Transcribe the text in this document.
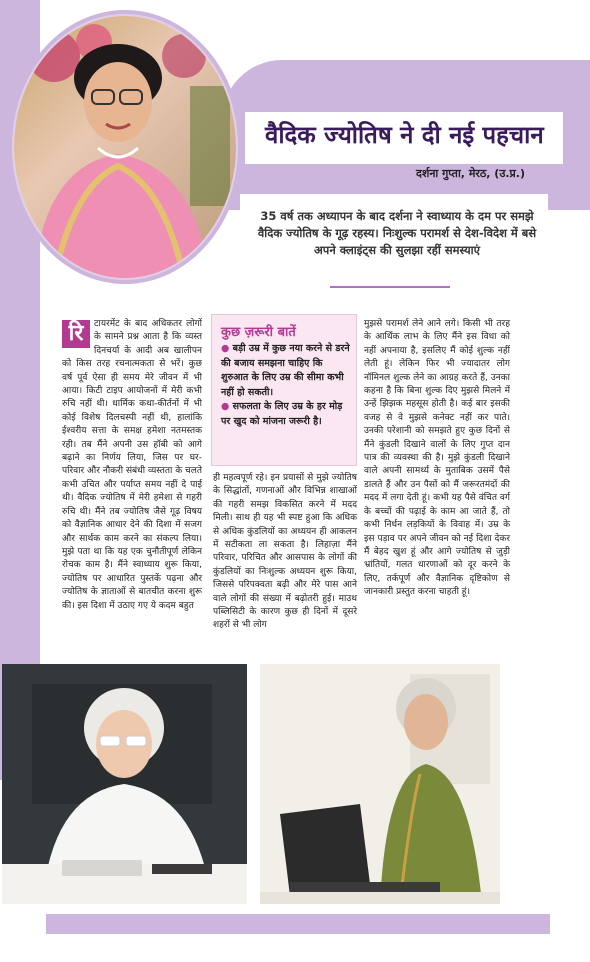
वैदिक ज्योतिष ने दी नई पहचान
दर्शना गुप्ता, मेरठ, (उ.प्र.)
35 वर्ष तक अध्यापन के बाद दर्शना ने स्वाध्याय के दम पर समझे वैदिक ज्योतिष के गूढ़ रहस्य। निःशुल्क परामर्श से देश-विदेश में बसे अपने क्लाइंट्स की सुलझा रहीं समस्याएं
रि	टायरमेंट के बाद अधिकतर लोगों के सामने प्रश्न आता है कि व्यस्त दिनचर्या के आदी अब खालीपन को किस तरह रचनात्मकता से भरें। कुछ वर्ष पूर्व ऐसा ही समय मेरे जीवन में भी आया। किटी टाइप आयोजनों में मेरी कभी रुचि नहीं थी। धार्मिक कथा-कीर्तनों में भी कोई विशेष दिलचस्पी नहीं थी, हालांकि ईश्वरीय सत्ता के समक्ष हमेशा नतमस्तक रही। तब मैंने अपनी उस हॉबी को आगे बढ़ाने का निर्णय लिया, जिस पर घर-परिवार और नौकरी संबंधी व्यस्तता के चलते कभी उचित और पर्याप्त समय नहीं दे पाई थी। वैदिक ज्योतिष में मेरी हमेशा से गहरी रुचि थी। मैंने तब ज्योतिष जैसे गूढ़ विषय को वैज्ञानिक आधार देने की दिशा में सजग और सार्थक काम करने का संकल्प लिया। मुझे पता था कि यह एक चुनौतीपूर्ण लेकिन रोचक काम है। मैंने स्वाध्याय शुरू किया, ज्योतिष पर आधारित पुस्तकें पढ़ना और ज्योतिष के ज्ञाताओं से बातचीत करना शुरू की। इस दिशा में उठाए गए ये कदम बहुत
कुछ ज़रूरी बातें
● बड़ी उम्र में कुछ नया करने से डरने की बजाय समझना चाहिए कि शुरुआत के लिए उम्र की सीमा कभी नहीं हो सकती।
● सफलता के लिए उम्र के हर मोड़ पर खुद को मांजना जरूरी है।
ही महत्वपूर्ण रहे। इन प्रयासों से मुझे ज्योतिष के सिद्धांतों, गणनाओं और विभिन्न शाखाओं की गहरी समझ विकसित करने में मदद मिली। साथ ही यह भी स्पष्ट हुआ कि अधिक से अधिक कुंडलियों का अध्ययन ही आकलन में सटीकता ला सकता है। लिहाज़ा मैंने परिवार, परिचित और आसपास के लोगों की कुंडलियों का निःशुल्क अध्ययन शुरू किया, जिससे परिपक्वता बढ़ी और मेरे पास आने वाले लोगों की संख्या में बढ़ोतरी हुई। माउथ पब्लिसिटी के कारण कुछ ही दिनों में दूसरे शहरों से भी लोग
मुझसे परामर्श लेने आने लगे। किसी भी तरह के आर्थिक लाभ के लिए मैंने इस विधा को नहीं अपनाया है, इसलिए मैं कोई शुल्क नहीं लेती हूं। लेकिन फिर भी ज्यादातर लोग नॉमिनल शुल्क लेने का आग्रह करते हैं, उनका कहना है कि बिना शुल्क दिए मुझसे मिलने में उन्हें झिझक महसूस होती है। कई बार इसकी वजह से वे मुझसे कनेक्ट नहीं कर पाते। उनकी परेशानी को समझते हुए कुछ दिनों से मैंने कुंडली दिखाने वालों के लिए गुप्त दान पात्र की व्यवस्था की है। मुझे कुंडली दिखाने वाले अपनी सामर्थ्य के मुताबिक उसमें पैसे डालते हैं और उन पैसों को मैं जरूरतमंदों की मदद में लगा देती हूं। कभी यह पैसे वंचित वर्ग के बच्चों की पढ़ाई के काम आ जाते हैं, तो कभी निर्धन लड़कियों के विवाह में। उम्र के इस पड़ाव पर अपने जीवन को नई दिशा देकर मैं बेहद खुश हूं और आगे ज्योतिष से जुड़ी भ्रांतियों, गलत धारणाओं को दूर करने के लिए, तर्कपूर्ण और वैज्ञानिक दृष्टिकोण से जानकारी प्रस्तुत करना चाहती हूं।
